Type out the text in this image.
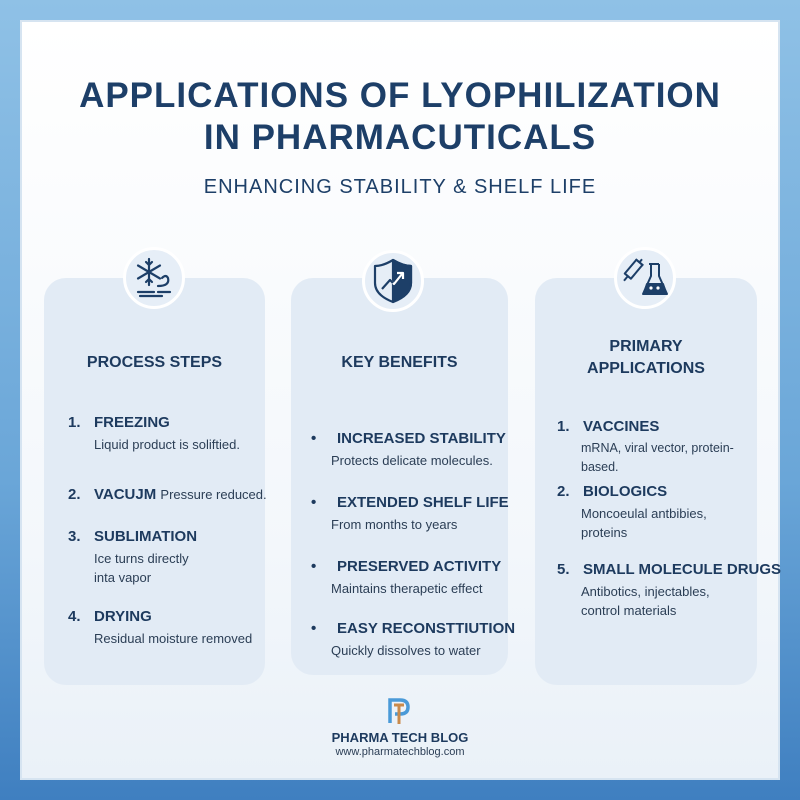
APPLICATIONS OF LYOPHILIZATION
IN PHARMACUTICALS
ENHANCING STABILITY & SHELF LIFE
PROCESS STEPS
1. FREEZING
Liquid product is soliftied.
2. VACUJM Pressure reduced.
3. SUBLIMATION
Ice turns directly inta vapor
4. DRYING
Residual moisture removed
KEY BENEFITS
• INCREASED STABILITY
Protects delicate molecules.
• EXTENDED SHELF LIFE
From months to years
• PRESERVED ACTIVITY
Maintains therapetic effect
• EASY RECONSTTIUTION
Quickly dissolves to water
PRIMARY APPLICATIONS
1. VACCINES
mRNA, viral vector, protein-based.
2. BIOLOGICS
Moncoeulal antbibies, proteins
5. SMALL MOLECULE DRUGS
Antibotics, injectables, control materials
PHARMA TECH BLOG
www.pharmatechblog.com
